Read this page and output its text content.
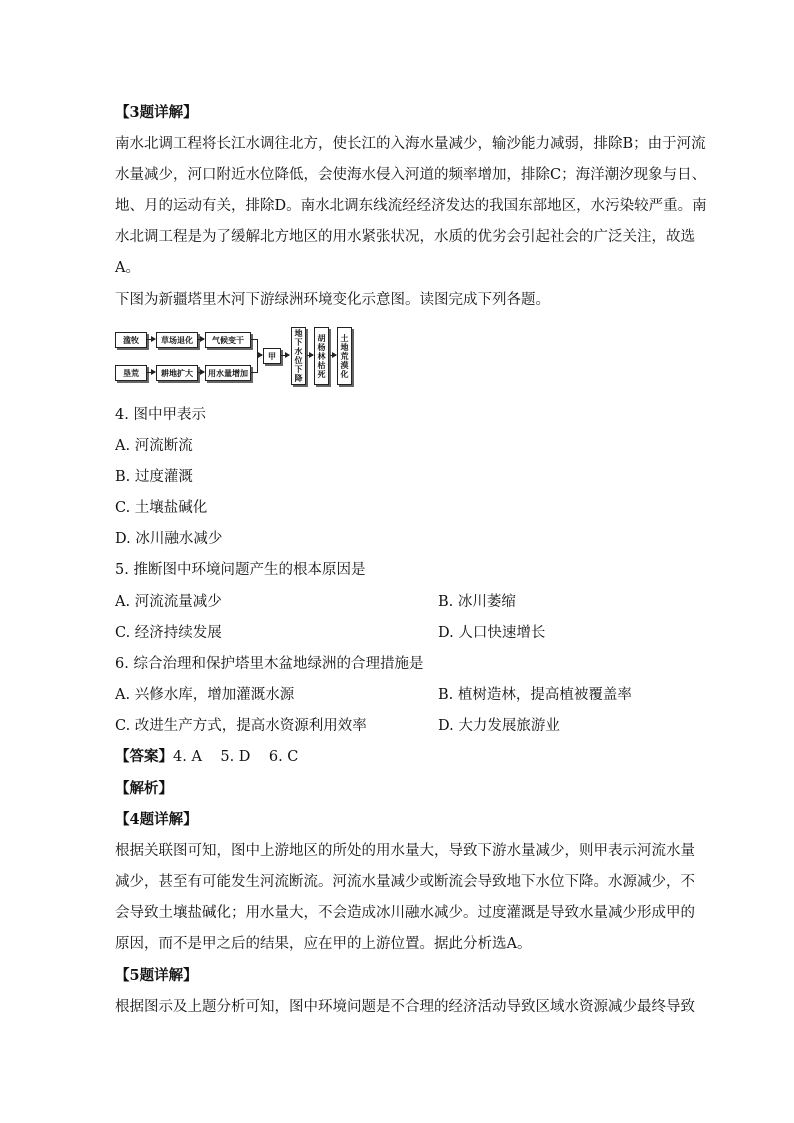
【3题详解】
南水北调工程将长江水调往北方，使长江的入海水量减少，输沙能力减弱，排除B；由于河流
水量减少，河口附近水位降低，会使海水侵入河道的频率增加，排除C；海洋潮汐现象与日、
地、月的运动有关，排除D。南水北调东线流经经济发达的我国东部地区，水污染较严重。南
水北调工程是为了缓解北方地区的用水紧张状况，水质的优劣会引起社会的广泛关注，故选
A。
下图为新疆塔里木河下游绿洲环境变化示意图。读图完成下列各题。
滥牧	草场退化	气候变干
垦荒	耕地扩大	用水量增加
甲
地下水位下降
胡杨林枯死
土地荒漠化
4. 图中甲表示
A. 河流断流
B. 过度灌溉
C. 土壤盐碱化
D. 冰川融水减少
5. 推断图中环境问题产生的根本原因是
A. 河流流量减少	B. 冰川萎缩
C. 经济持续发展	D. 人口快速增长
6. 综合治理和保护塔里木盆地绿洲的合理措施是
A. 兴修水库，增加灌溉水源	B. 植树造林，提高植被覆盖率
C. 改进生产方式，提高水资源利用效率	D. 大力发展旅游业
【答案】4. A    5. D    6. C
【解析】
【4题详解】
根据关联图可知，图中上游地区的所处的用水量大，导致下游水量减少，则甲表示河流水量
减少，甚至有可能发生河流断流。河流水量减少或断流会导致地下水位下降。水源减少，不
会导致土壤盐碱化；用水量大，不会造成冰川融水减少。过度灌溉是导致水量减少形成甲的
原因，而不是甲之后的结果，应在甲的上游位置。据此分析选A。
【5题详解】
根据图示及上题分析可知，图中环境问题是不合理的经济活动导致区域水资源减少最终导致
